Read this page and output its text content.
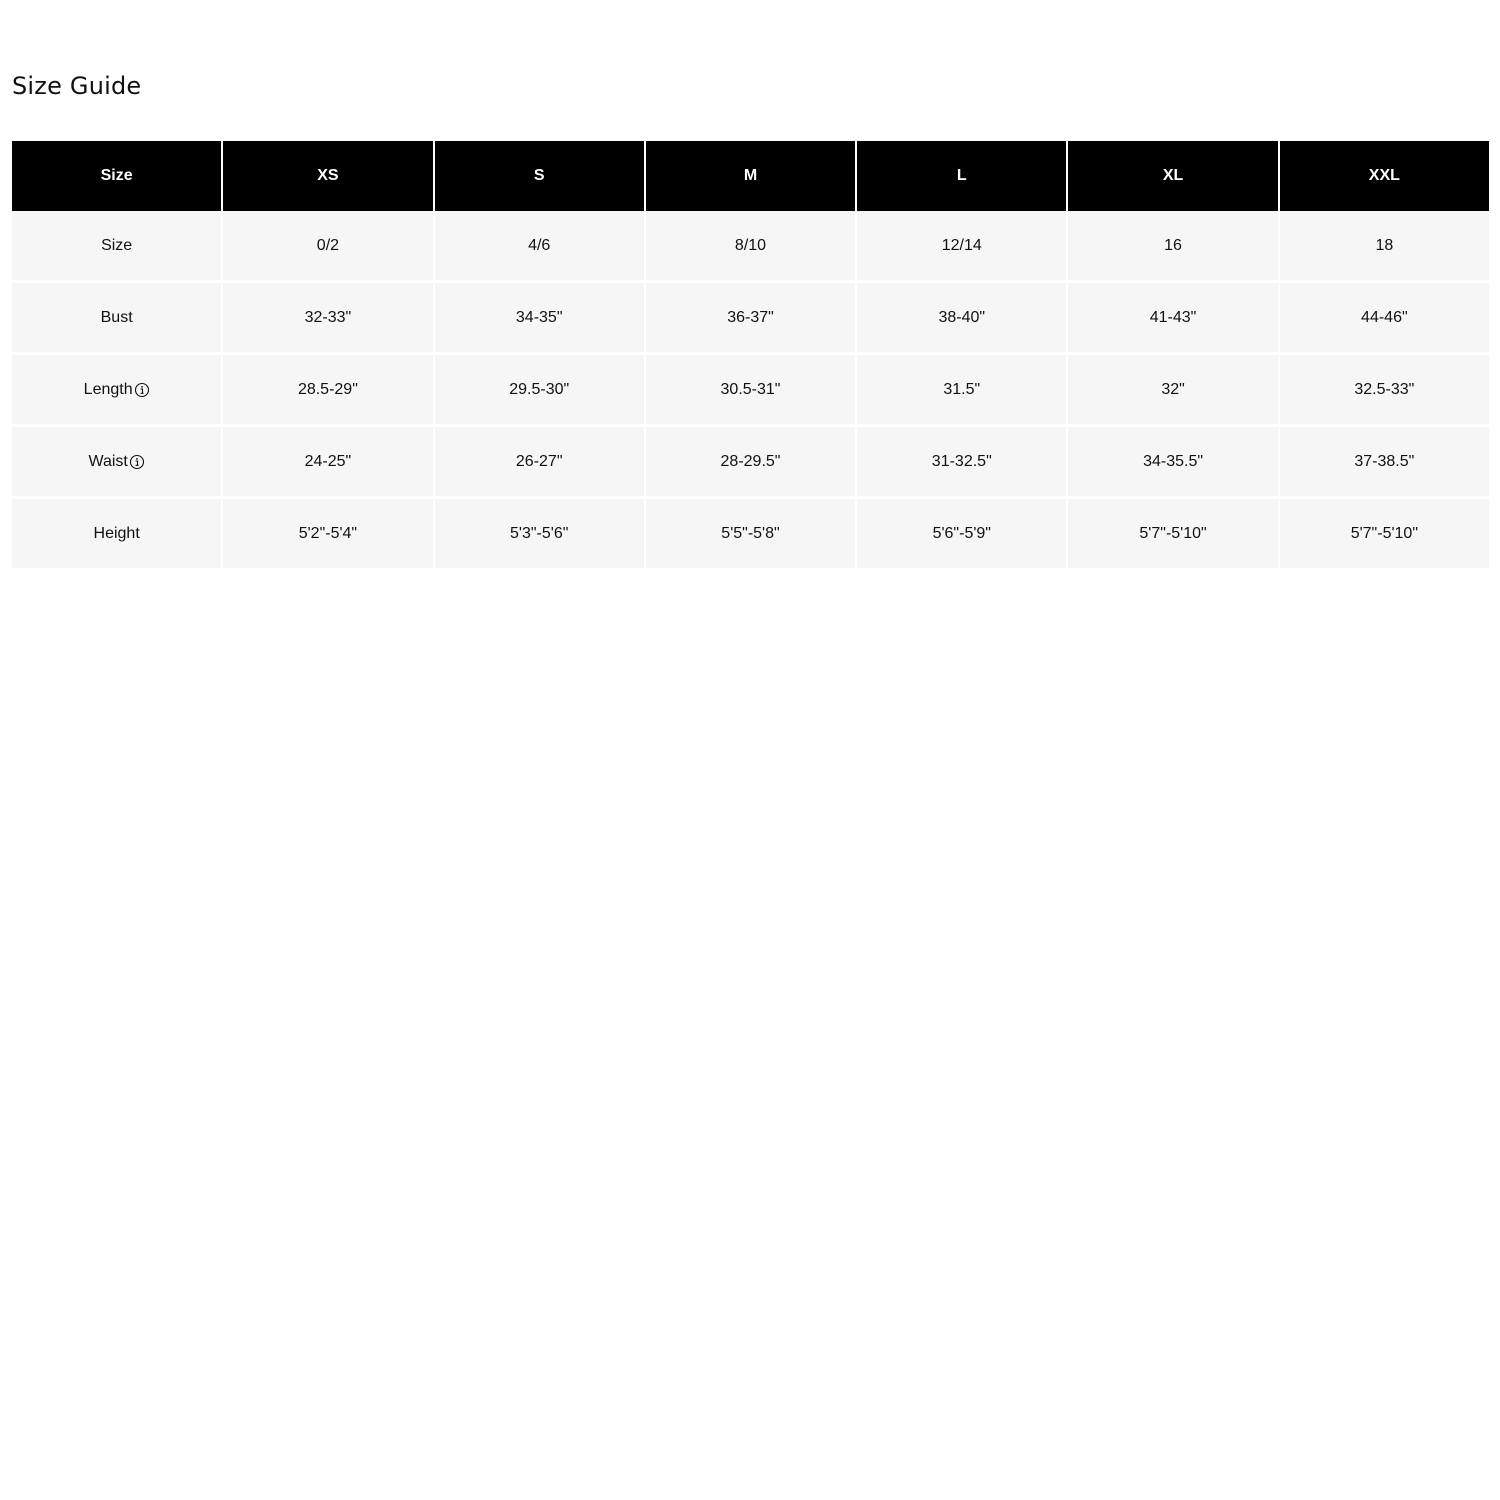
Size Guide
Size	XS	S	M	L	XL	XXL
Size	0/2	4/6	8/10	12/14	16	18
Bust	32-33"	34-35"	36-37"	38-40"	41-43"	44-46"
Length	28.5-29"	29.5-30"	30.5-31"	31.5"	32"	32.5-33"
Waist	24-25"	26-27"	28-29.5"	31-32.5"	34-35.5"	37-38.5"
Height	5'2"-5'4"	5'3"-5'6"	5'5"-5'8"	5'6"-5'9"	5'7"-5'10"	5'7"-5'10"
